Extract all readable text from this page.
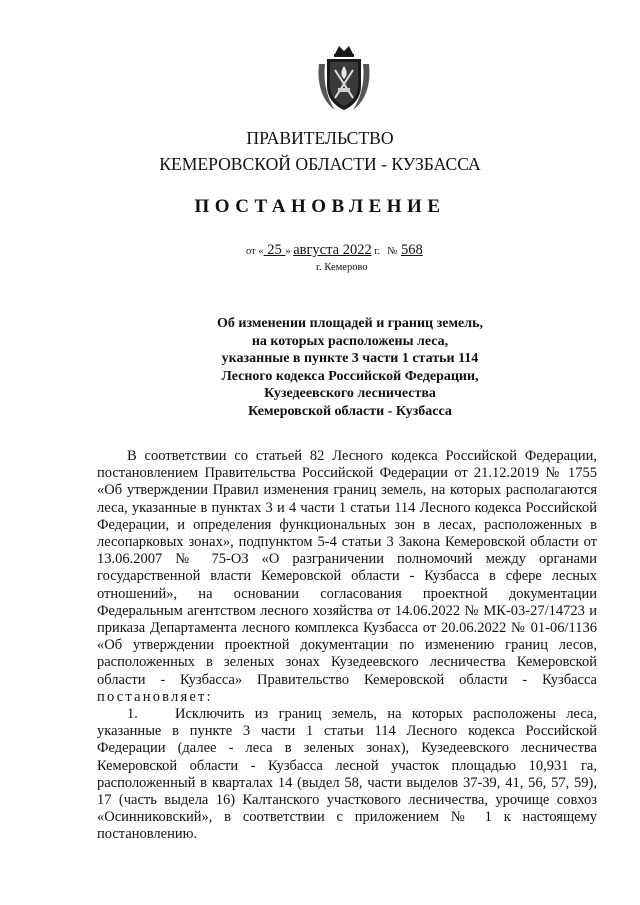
ПРАВИТЕЛЬСТВО
КЕМЕРОВСКОЙ ОБЛАСТИ - КУЗБАССА
ПОСТАНОВЛЕНИЕ
от « 25 » августа 2022 г. № 568
г. Кемерово
Об изменении площадей и границ земель,
на которых расположены леса,
указанные в пункте 3 части 1 статьи 114
Лесного кодекса Российской Федерации,
Кузедеевского лесничества
Кемеровской области - Кузбасса

В соответствии со статьей 82 Лесного кодекса Российской Федерации, постановлением Правительства Российской Федерации от 21.12.2019 № 1755 «Об утверждении Правил изменения границ земель, на которых располагаются леса, указанные в пунктах 3 и 4 части 1 статьи 114 Лесного кодекса Российской Федерации, и определения функциональных зон в лесах, расположенных в лесопарковых зонах», подпунктом 5-4 статьи 3 Закона Кемеровской области от 13.06.2007 № 75-ОЗ «О разграничении полномочий между органами государственной власти Кемеровской области - Кузбасса в сфере лесных отношений», на основании согласования проектной документации Федеральным агентством лесного хозяйства от 14.06.2022 № МК-03-27/14723 и приказа Департамента лесного комплекса Кузбасса от 20.06.2022 № 01-06/1136 «Об утверждении проектной документации по изменению границ лесов, расположенных в зеленых зонах Кузедеевского лесничества Кемеровской области - Кузбасса» Правительство Кемеровской области - Кузбасса постановляет:

1.	Исключить из границ земель, на которых расположены леса, указанные в пункте 3 части 1 статьи 114 Лесного кодекса Российской Федерации (далее - леса в зеленых зонах), Кузедеевского лесничества Кемеровской области - Кузбасса лесной участок площадью 10,931 га, расположенный в кварталах 14 (выдел 58, части выделов 37-39, 41, 56, 57, 59), 17 (часть выдела 16) Калтанского участкового лесничества, урочище совхоз «Осинниковский», в соответствии с приложением № 1 к настоящему постановлению.
